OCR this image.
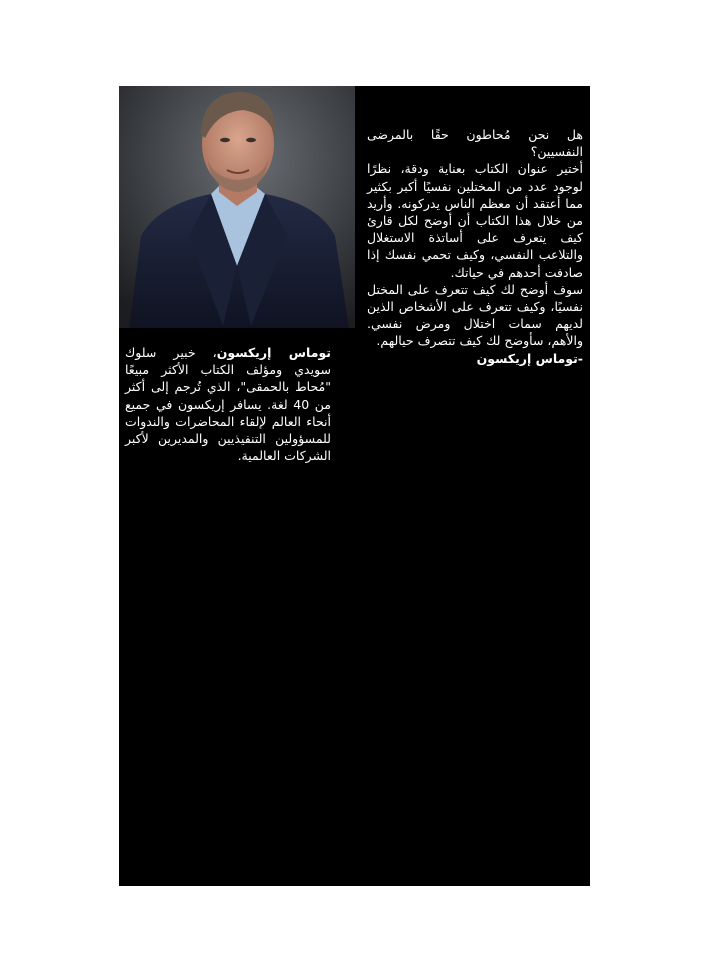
توماس إريكسون، خبير سلوك سويدي ومؤلف الكتاب الأكثر مبيعًا "مُحاط بالحمقى"، الذي تُرجم إلى أكثر من 40 لغة. يسافر إريكسون في جميع أنحاء العالم لإلقاء المحاضرات والندوات للمسؤولين التنفيذيين والمديرين لأكبر الشركات العالمية.

هل نحن مُحاطون حقًا بالمرضى النفسيين؟

أختير عنوان الكتاب بعناية ودقة، نظرًا لوجود عدد من المختلين نفسيًا أكبر بكثير مما أعتقد أن معظم الناس يدركونه. وأريد من خلال هذا الكتاب أن أوضح لكل قارئ كيف يتعرف على أساتذة الاستغلال والتلاعب النفسي، وكيف تحمي نفسك إذا صادفت أحدهم في حياتك.

سوف أوضح لك كيف تتعرف على المختل نفسيًا، وكيف تتعرف على الأشخاص الذين لديهم سمات اختلال ومرض نفسي. والأهم، سأوضح لك كيف تتصرف حيالهم.

-توماس إريكسون
